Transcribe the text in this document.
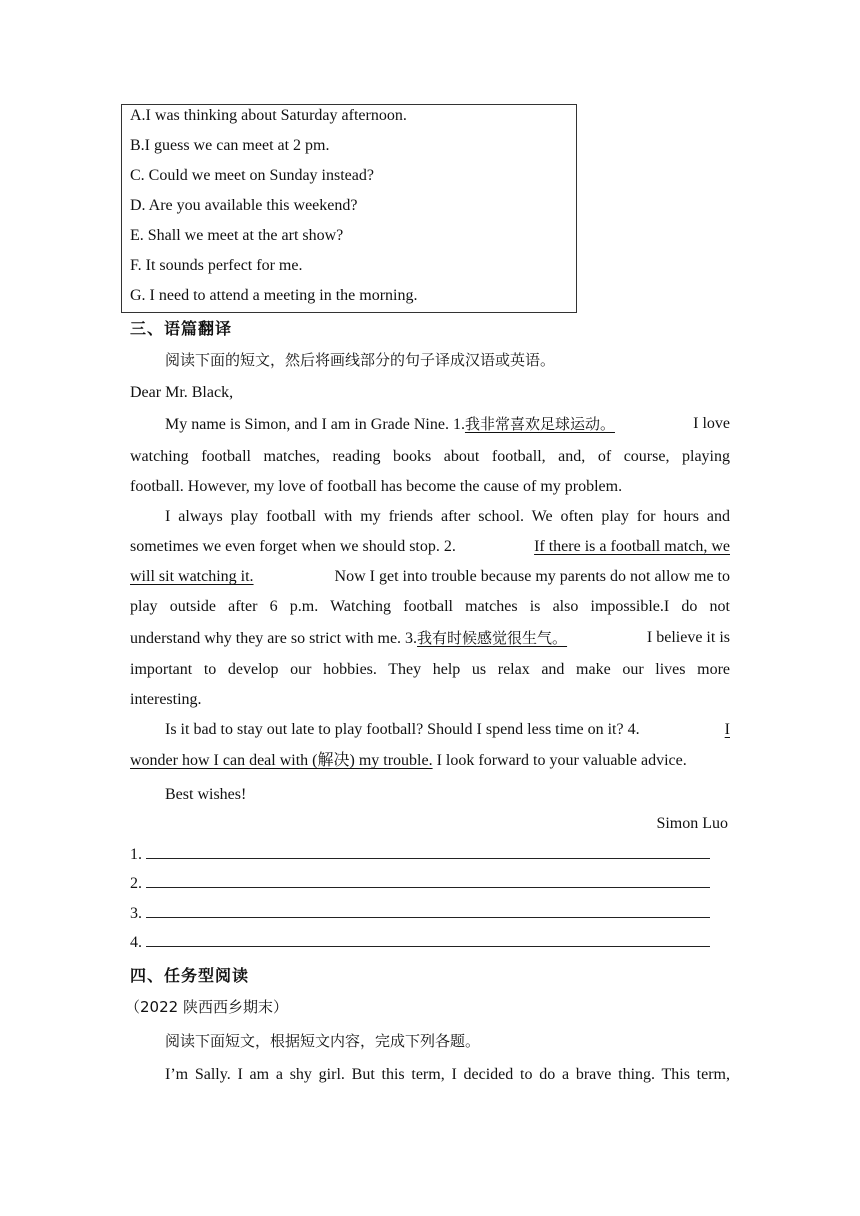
A.I was thinking about Saturday afternoon.
B.I guess we can meet at 2 pm.
C. Could we meet on Sunday instead?
D. Are you available this weekend?
E. Shall we meet at the art show?
F. It sounds perfect for me.
G. I need to attend a meeting in the morning.
三、语篇翻译
阅读下面的短文，然后将画线部分的句子译成汉语或英语。
Dear Mr. Black,
My name is Simon, and I am in Grade Nine. 1.我非常喜欢足球运动。	I love
watching football matches, reading books about football, and, of course, playing
football. However, my love of football has become the cause of my problem.
I always play football with my friends after school. We often play for hours and
sometimes we even forget when we should stop. 2.	If there is a football match, we
will sit watching it.	Now I get into trouble because my parents do not allow me to
play outside after 6 p.m. Watching football matches is also impossible.I do not
understand why they are so strict with me. 3.我有时候感觉很生气。	I believe it is
important to develop our hobbies. They help us relax and make our lives more
interesting.
Is it bad to stay out late to play football? Should I spend less time on it? 4.	I
wonder how I can deal with (解决) my trouble. I look forward to your valuable advice.
Best wishes!
Simon Luo
1.
2.
3.
4.
四、任务型阅读
（2022 陕西西乡期末）
阅读下面短文，根据短文内容，完成下列各题。
I’m Sally. I am a shy girl. But this term, I decided to do a brave thing. This term,
